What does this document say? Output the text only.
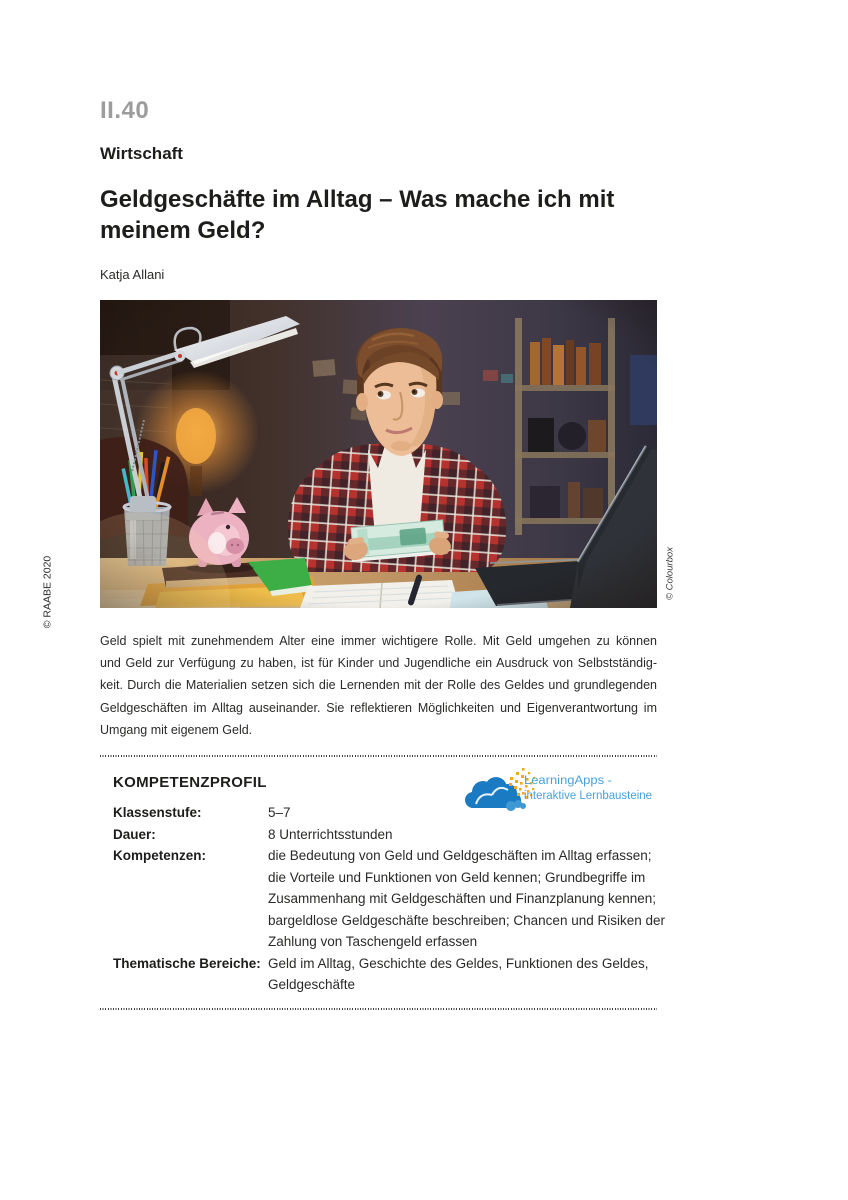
II.40
Wirtschaft
Geldgeschäfte im Alltag – Was mache ich mit
meinem Geld?
Katja Allani
© RAABE 2020	© Colourbox
Geld spielt mit zunehmendem Alter eine immer wichtigere Rolle. Mit Geld umgehen zu können
und Geld zur Verfügung zu haben, ist für Kinder und Jugendliche ein Ausdruck von Selbstständig-
keit. Durch die Materialien setzen sich die Lernenden mit der Rolle des Geldes und grundlegenden
Geldgeschäften im Alltag auseinander. Sie reflektieren Möglichkeiten und Eigenverantwortung im
Umgang mit eigenem Geld.
KOMPETENZPROFIL	LearningApps -
interaktive Lernbausteine
Klassenstufe:	5–7
Dauer:	8 Unterrichtsstunden
Kompetenzen:	die Bedeutung von Geld und Geldgeschäften im Alltag erfassen;
die Vorteile und Funktionen von Geld kennen; Grundbegriffe im
Zusammenhang mit Geldgeschäften und Finanzplanung kennen;
bargeldlose Geldgeschäfte beschreiben; Chancen und Risiken der
Zahlung von Taschengeld erfassen
Thematische Bereiche: Geld im Alltag, Geschichte des Geldes, Funktionen des Geldes,
Geldgeschäfte
